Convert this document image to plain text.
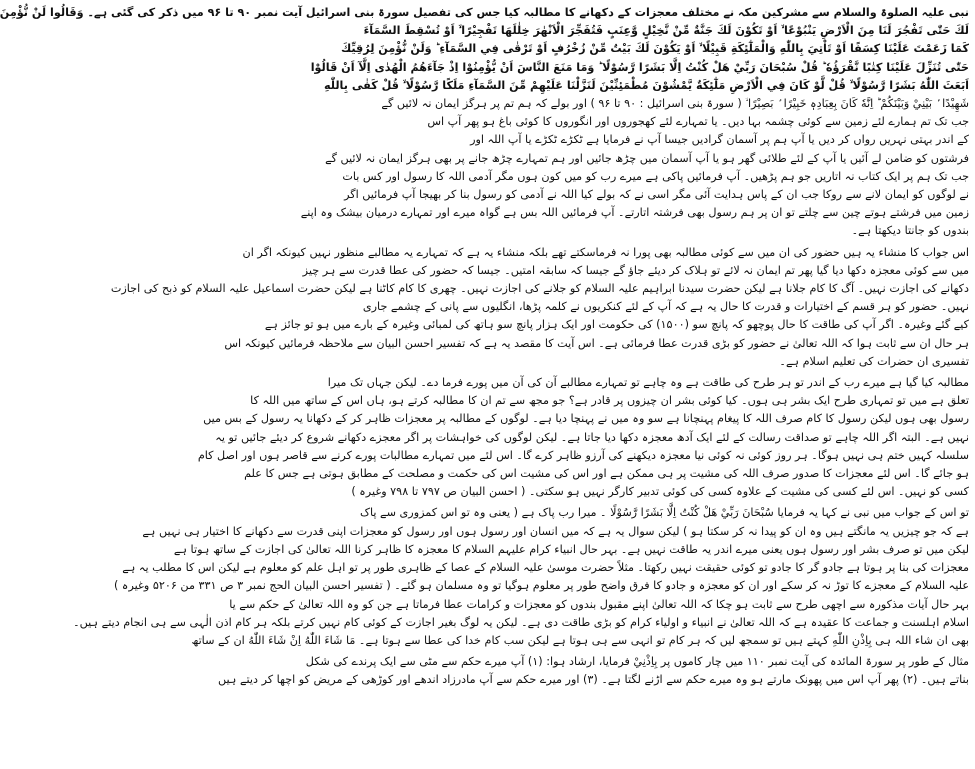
نبی علیہ الصلوۃ والسلام سے مشرکین مکہ نے مختلف معجزات کے دکھانے کا مطالبہ کیا جس کی تفصیل سورۃ بنی اسرائیل آیت نمبر ۹۰ تا ۹۶ میں ذکر کی گئی ہے۔ وَقَالُوا لَنْ نُّؤْمِنَ
لَكَ حَتّٰى تَفْجُرَ لَنَا مِنَ الْاَرْضِ يَنْبُوْعًا ۙ اَوْ تَكُوْنَ لَكَ جَنَّةٌ مِّنْ نَّخِيْلٍ وَّعِنَبٍ فَتُفَجِّرَ الْاَنْهٰرَ خِلٰلَهَا تَفْجِيْرًا ۙ اَوْ تُسْقِطَ السَّمَآءَ
كَمَا زَعَمْتَ عَلَيْنَا كِسَفًا اَوْ تَاْتِيَ بِاللّٰهِ وَالْمَلٰٓئِكَةِ قَبِيْلًا ۙ اَوْ يَكُوْنَ لَكَ بَيْتٌ مِّنْ زُخْرُفٍ اَوْ تَرْقٰى فِي السَّمَآءِ ؕ وَلَنْ نُّؤْمِنَ لِرُقِيِّكَ
حَتّٰى تُنَزِّلَ عَلَيْنَا كِتٰبًا نَّقْرَؤُهٗ ؕ قُلْ سُبْحَانَ رَبِّيْ هَلْ كُنْتُ اِلَّا بَشَرًا رَّسُوْلًا ؕ وَمَا مَنَعَ النَّاسَ اَنْ يُّؤْمِنُوْا اِذْ جَآءَهُمُ الْهُدٰى اِلَّآ اَنْ قَالُوْا
اَبَعَثَ اللّٰهُ بَشَرًا رَّسُوْلًا ۙ قُلْ لَّوْ كَانَ فِي الْاَرْضِ مَلٰٓئِكَةٌ يَّمْشُوْنَ مُطْمَئِنِّيْنَ لَنَزَّلْنَا عَلَيْهِمْ مِّنَ السَّمَآءِ مَلَكًا رَّسُوْلًا ۙ قُلْ كَفٰى بِاللّٰهِ
شَهِيْدًا ۢ بَيْنِيْ وَبَيْنَكُمْ ؕ اِنَّهٗ كَانَ بِعِبَادِهٖ خَبِيْرًا ۢ بَصِيْرًا ۙ ( سورۃ بنی اسرائیل : ۹۰ تا ۹۶ ) اور بولے کہ ہم تم پر ہرگز ایمان نہ لائیں گے
جب تک تم ہمارے لئے زمین سے کوئی چشمہ بہا دیں۔ یا تمہارے لئے کھجوروں اور انگوروں کا کوئی باغ ہو پھر آپ اس
کے اندر بہتی نہریں رواں کر دیں یا آپ ہم پر آسمان گرادیں جیسا آپ نے فرمایا ہے ٹکڑے ٹکڑے یا آپ اللہ اور
فرشتوں کو ضامن لے آئیں یا آپ کے لئے طلائی گھر ہو یا آپ آسمان میں چڑھ جائیں اور ہم تمہارے چڑھ جانے پر بھی ہرگز ایمان نہ لائیں گے
جب تک ہم پر ایک کتاب نہ اتاریں جو ہم پڑھیں۔ آپ فرمائیں پاکی ہے میرے رب کو میں کون ہوں مگر آدمی اللہ کا رسول اور کس بات
نے لوگوں کو ایمان لانے سے روکا جب ان کے پاس ہدایت آئی مگر اسی نے کہ بولے کیا اللہ نے آدمی کو رسول بنا کر بھیجا آپ فرمائیں اگر
زمین میں فرشتے ہوتے چین سے چلتے تو ان پر ہم رسول بھی فرشتہ اتارتے۔ آپ فرمائیں اللہ بس ہے گواہ میرے اور تمہارے درمیان بیشک وہ اپنے
بندوں کو جانتا دیکھتا ہے۔
اس جواب کا منشاء یہ ہیں حضور کی ان میں سے کوئی مطالبہ بھی پورا نہ فرماسکتے تھے بلکہ منشاء یہ ہے کہ تمہارے یہ مطالبے منظور نہیں کیونکہ اگر ان
میں سے کوئی معجزہ دکھا دیا گیا پھر تم ایمان نہ لائے تو ہلاک کر دیئے جاؤ گے جیسا کہ سابقہ امتیں۔ جیسا کہ حضور کی عطا قدرت سے ہر چیز
دکھانے کی اجازت نہیں۔ آگ کا کام جلانا ہے لیکن حضرت سیدنا ابراہیم علیہ السلام کو جلانے کی اجازت نہیں۔ چھری کا کام کاٹنا ہے لیکن حضرت اسماعیل علیہ السلام کو ذبح کی اجازت
نہیں۔ حضور کو ہر قسم کے اختیارات و قدرت کا حال یہ ہے کہ آپ کے لئے کنکریوں نے کلمہ پڑھا، انگلیوں سے پانی کے چشمے جاری
کیے گئے وغیرہ۔ اگر آپ کی طاقت کا حال پوچھو کہ پانچ سو (۱۵۰۰) کی حکومت اور ایک ہزار پانچ سو ہاتھ کی لمبائی وغیرہ کے بارے میں ہو تو جائز ہے
ہر حال ان سے ثابت ہوا کہ اللہ تعالیٰ نے حضور کو بڑی قدرت عطا فرمائی ہے۔ اس آیت کا مقصد یہ ہے کہ تفسیر احسن البیان سے ملاحظہ فرمائیں کیونکہ اس
تفسیری ان حضرات کی تعلیم اسلام ہے۔
مطالبہ کیا گیا ہے میرے رب کے اندر تو ہر طرح کی طاقت ہے وہ چاہے تو تمہارے مطالبے آن کی آن میں پورے فرما دے۔ لیکن جہاں تک میرا
تعلق ہے میں تو تمہاری طرح ایک بشر ہی ہوں۔ کیا کوئی بشر ان چیزوں پر قادر ہے؟ جو مجھ سے تم ان کا مطالبہ کرتے ہو، ہاں اس کے ساتھ میں اللہ کا
رسول بھی ہوں لیکن رسول کا کام صرف اللہ کا پیغام پہنچانا ہے سو وہ میں نے پہنچا دیا ہے۔ لوگوں کے مطالبہ پر معجزات ظاہر کر کے دکھانا یہ رسول کے بس میں
نہیں ہے۔ البتہ اگر اللہ چاہے تو صداقت رسالت کے لئے ایک آدھ معجزہ دکھا دیا جاتا ہے۔ لیکن لوگوں کی خواہشات پر اگر معجزے دکھانے شروع کر دیئے جائیں تو یہ
سلسلہ کہیں ختم ہی نہیں ہوگا۔ ہر روز کوئی نہ کوئی نیا معجزہ دیکھنے کی آرزو ظاہر کرے گا۔ اس لئے میں تمہارے مطالبات پورے کرنے سے قاصر ہوں اور اصل کام
ہو جائے گا۔ اس لئے معجزات کا صدور صرف اللہ کی مشیت پر ہی ممکن ہے اور اس کی مشیت اس کی حکمت و مصلحت کے مطابق ہوتی ہے جس کا علم
کسی کو نہیں۔ اس لئے کسی کی مشیت کے علاوہ کسی کی کوئی تدبیر کارگر نہیں ہو سکتی۔ ( احسن البیان ص ۷۹۷ تا ۷۹۸ وغیرہ )
تو اس کے جواب میں نبی نے کہا یہ فرمایا سُبْحَانَ رَبِّيْ هَلْ كُنْتُ اِلَّا بَشَرًا رَّسُوْلًا ۔ میرا رب پاک ہے ( یعنی وہ تو اس کمزوری سے پاک
ہے کہ جو چیزیں یہ مانگتے ہیں وہ ان کو پیدا نہ کر سکتا ہو ) لیکن سوال یہ ہے کہ میں انسان اور رسول ہوں اور رسول کو معجزات اپنی قدرت سے دکھانے کا اختیار ہی نہیں ہے
لیکن میں تو صرف بشر اور رسول ہوں یعنی میرے اندر یہ طاقت نہیں ہے۔ بہر حال انبیاء کرام علیہم السلام کا معجزہ کا ظاہر کرنا اللہ تعالیٰ کی اجازت کے ساتھ ہوتا ہے
معجزات کی بنا پر ہوتا ہے جادو گر کا جادو تو کوئی حقیقت نہیں رکھتا۔ مثلاً حضرت موسیٰ علیہ السلام کے عصا کے ظاہری طور پر تو اہل علم کو معلوم ہے لیکن اس کا مطلب یہ ہے
علیہ السلام کے معجزے کا توڑ نہ کر سکے اور ان کو معجزہ و جادو کا فرق واضح طور پر معلوم ہوگیا تو وہ مسلمان ہو گئے۔ ( تفسیر احسن البیان الحج نمبر ۳ ص ۳۳۱ من ۵۲۰۶ وغیرہ )
بہر حال آیات مذکورہ سے اچھی طرح سے ثابت ہو چکا کہ اللہ تعالیٰ اپنے مقبول بندوں کو معجزات و کرامات عطا فرماتا ہے جن کو وہ اللہ تعالیٰ کے حکم سے یا
اسلام اہلسنت و جماعت کا عقیدہ ہے کہ اللہ تعالیٰ نے انبیاء و اولیاء کرام کو بڑی طاقت دی ہے۔ لیکن یہ لوگ بغیر اجازت کے کوئی کام نہیں کرتے بلکہ ہر کام اذن الٰہی سے ہی انجام دیتے ہیں۔
بھی ان شاء اللہ ہی بِاِذْنِ اللّٰهِ کہتے ہیں تو سمجھ لیں کہ ہر کام تو انہی سے ہی ہوتا ہے لیکن سب کام خدا کی عطا سے ہوتا ہے۔ مَا شَاءَ اللّٰهُ اِنْ شَاءَ اللّٰهُ ان کے ساتھ
مثال کے طور پر سورۃ المائدہ کی آیت نمبر ۱۱۰ میں چار کاموں پر بِاِذْنِيْ فرمایا، ارشاد ہوا: (۱) آپ میرے حکم سے مٹی سے ایک پرندے کی شکل
بناتے ہیں۔ (۲) پھر آپ اس میں پھونک مارتے ہو وہ میرے حکم سے اڑنے لگتا ہے۔ (۳) اور میرے حکم سے آپ مادرزاد اندھے اور کوڑھی کے مریض کو اچھا کر دیتے ہیں
